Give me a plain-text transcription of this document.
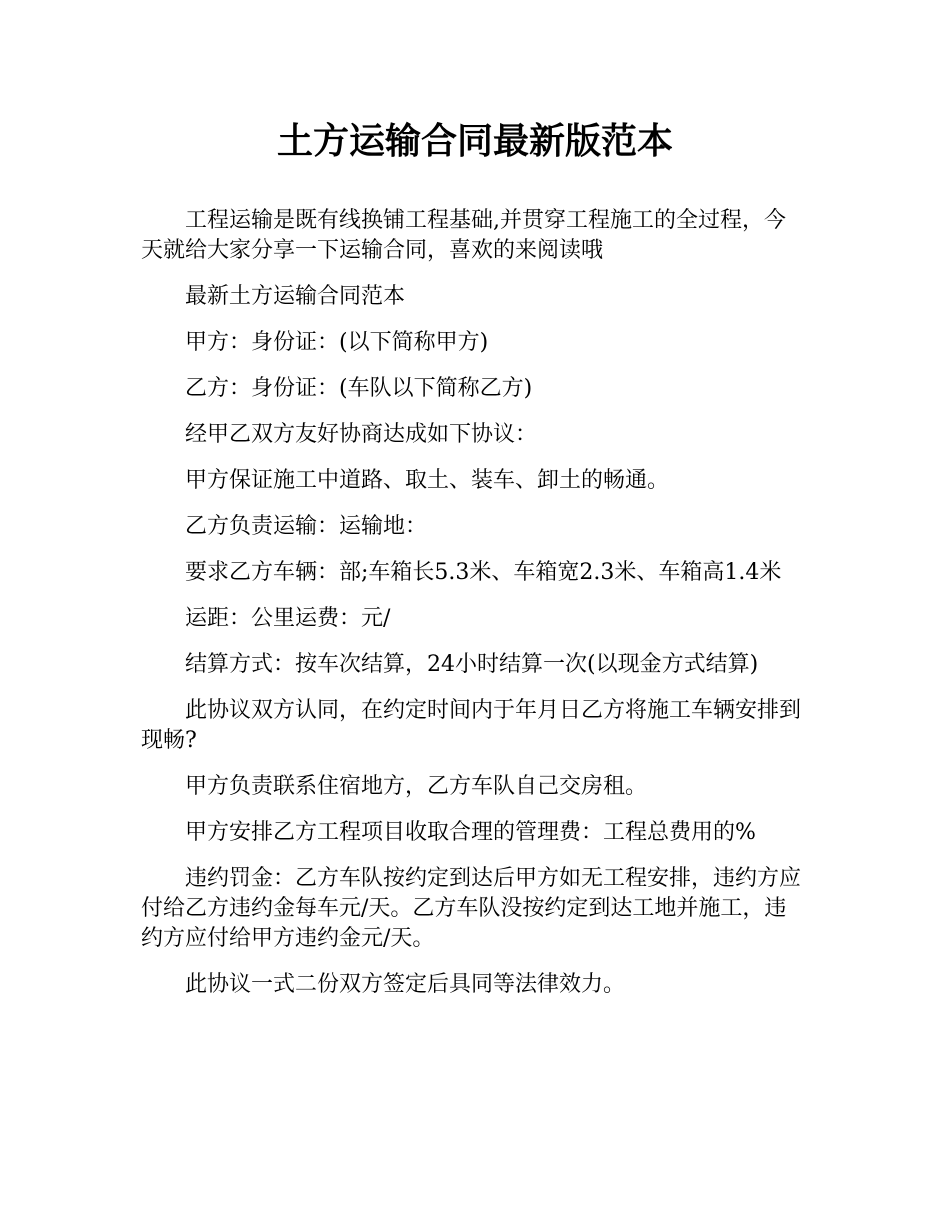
土方运输合同最新版范本

工程运输是既有线换铺工程基础,并贯穿工程施工的全过程，今天就给大家分享一下运输合同，喜欢的来阅读哦

最新土方运输合同范本

甲方：身份证：(以下简称甲方)

乙方：身份证：(车队以下简称乙方)

经甲乙双方友好协商达成如下协议：

甲方保证施工中道路、取土、装车、卸土的畅通。

乙方负责运输：运输地：

要求乙方车辆：部;车箱长5.3米、车箱宽2.3米、车箱高1.4米

运距：公里运费：元/

结算方式：按车次结算，24小时结算一次(以现金方式结算)

此协议双方认同，在约定时间内于年月日乙方将施工车辆安排到现畅?

甲方负责联系住宿地方，乙方车队自己交房租。

甲方安排乙方工程项目收取合理的管理费：工程总费用的%

违约罚金：乙方车队按约定到达后甲方如无工程安排，违约方应付给乙方违约金每车元/天。乙方车队没按约定到达工地并施工，违约方应付给甲方违约金元/天。

此协议一式二份双方签定后具同等法律效力。
